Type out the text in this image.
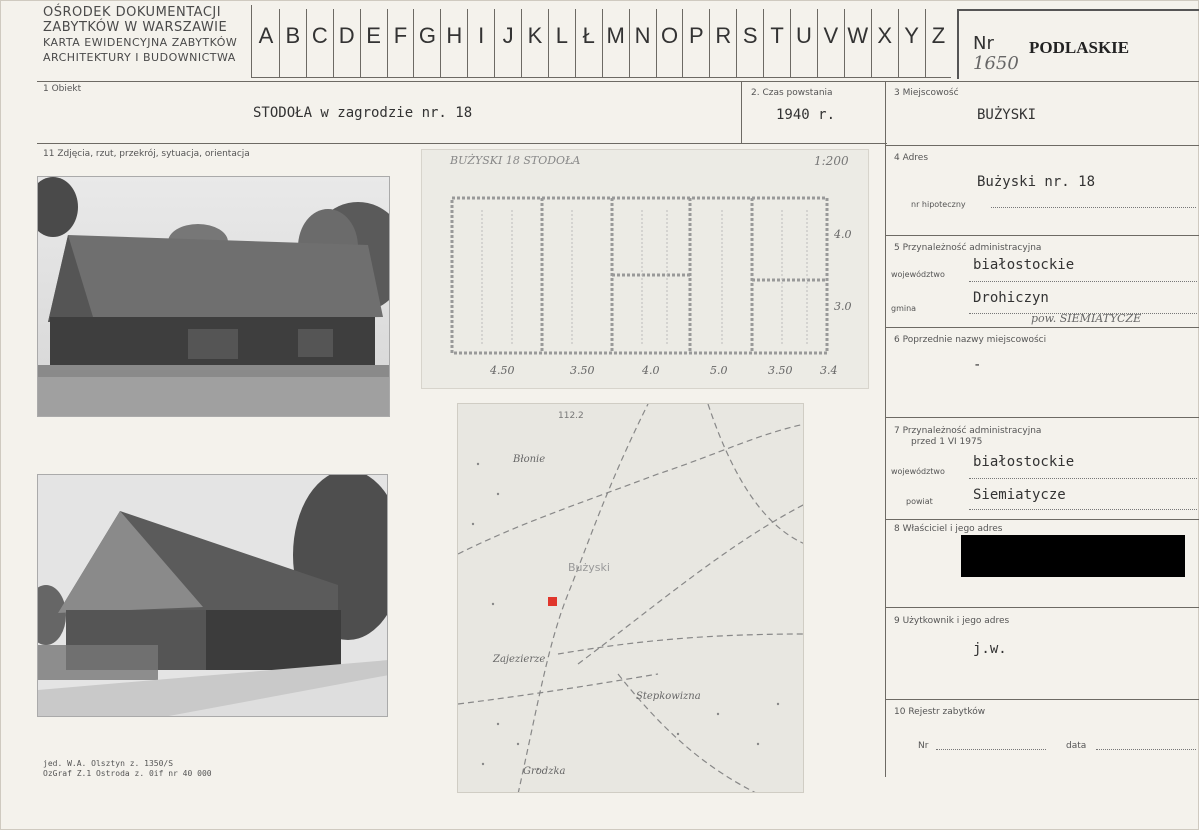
OŚRODEK DOKUMENTACJI
ZABYTKÓW W WARSZAWIE
KARTA EWIDENCYJNA ZABYTKÓW
ARCHITEKTURY I BUDOWNICTWA
A B C D E F G H I J K L Ł M N O P R S T U V W X Y Z	Nr
1650
PODLASKIE
1 Obiekt
STODOŁA w zagrodzie nr. 18
2. Czas powstania
1940 r.
3 Miejscowość
BUŻYSKI
11 Zdjęcia, rzut, przekrój, sytuacja, orientacja	4 Adres
Bużyski nr. 18
nr hipoteczny
5 Przynależność administracyjna
województwo
białostockie
gmina
Drohiczyn
pow. SIEMIATYCZE
6 Poprzednie nazwy miejscowości
-
7 Przynależność administracyjna
przed 1 VI 1975
województwo
białostockie
powiat	Siemiatycze
8 Właściciel i jego adres
9 Użytkownik i jego adres
j.w.
10 Rejestr zabytków
Nr	data
BUŻYSKI 18 STODOŁA	1:200
4.50	3.50	4.0	5.0	3.50	3.4
4.0
3.0
Błonie
112.2
Bużyski
Zajezierze
Stepkowizna
Grodzka
jed. W.A. Olsztyn z. 1350/S
OzGraf Z.1 Ostroda z. 0if nr 40 000
